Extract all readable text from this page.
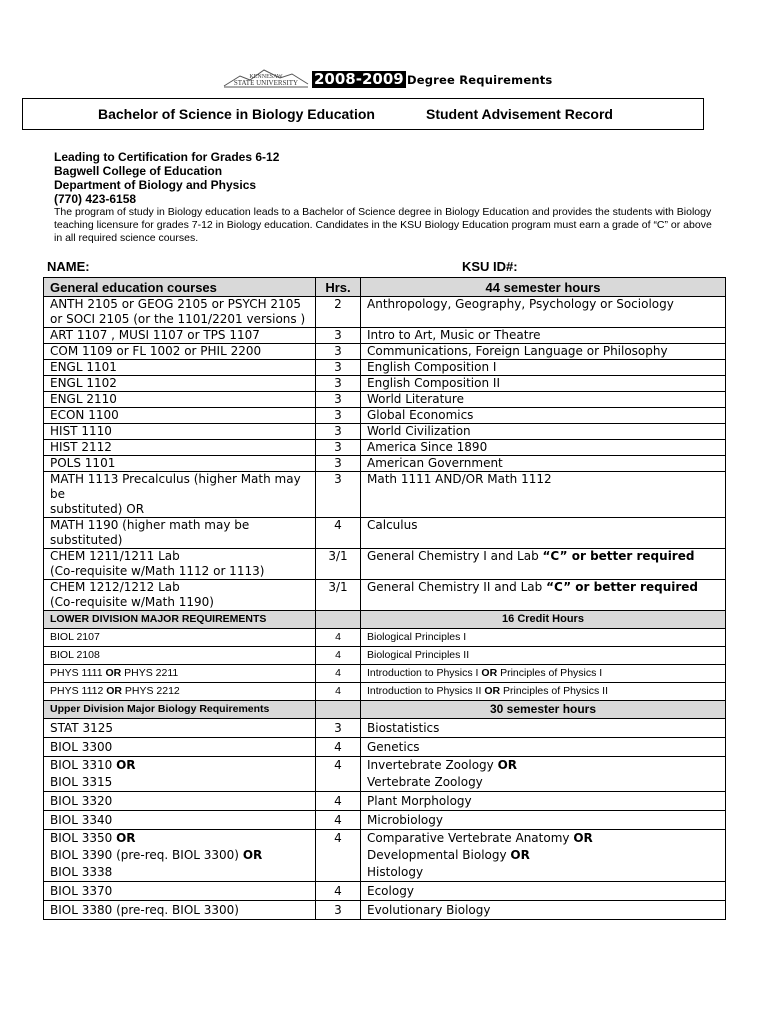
KENNESAW
STATE UNIVERSITY 2008-2009 Degree Requirements
Bachelor of Science in Biology Education	Student Advisement Record
Leading to Certification for Grades 6-12
Bagwell College of Education
Department of Biology and Physics
(770) 423-6158

The program of study in Biology education leads to a Bachelor of Science degree in Biology Education and provides the students with Biology teaching licensure for grades 7-12 in Biology education. Candidates in the KSU Biology Education program must earn a grade of “C” or above in all required science courses.

NAME:	KSU ID#:
General education courses	Hrs.	44 semester hours
ANTH 2105 or GEOG 2105 or PSYCH 2105
or SOCI 2105 (or the 1101/2201 versions )	2	Anthropology, Geography, Psychology or Sociology
ART 1107 , MUSI 1107 or TPS 1107	3	Intro to Art, Music or Theatre
COM 1109 or FL 1002 or PHIL 2200	3	Communications, Foreign Language or Philosophy
ENGL 1101	3	English Composition I
ENGL 1102	3	English Composition II
ENGL 2110	3	World Literature
ECON 1100	3	Global Economics
HIST 1110	3	World Civilization
HIST 2112	3	America Since 1890
POLS 1101	3	American Government
MATH 1113 Precalculus (higher Math may be
substituted) OR	3	Math 1111 AND/OR Math 1112
MATH 1190 (higher math may be substituted)	4	Calculus
CHEM 1211/1211 Lab
(Co-requisite w/Math 1112 or 1113)	3/1	General Chemistry I and Lab “C” or better required
CHEM 1212/1212 Lab
(Co-requisite w/Math 1190)	3/1	General Chemistry II and Lab “C” or better required
LOWER DIVISION MAJOR REQUIREMENTS		16 Credit Hours
BIOL 2107	4	Biological Principles I
BIOL 2108	4	Biological Principles II
PHYS 1111 OR PHYS 2211	4	Introduction to Physics I OR Principles of Physics I
PHYS 1112 OR PHYS 2212	4	Introduction to Physics II OR Principles of Physics II
Upper Division Major Biology Requirements		30 semester hours
STAT 3125	3	Biostatistics
BIOL 3300	4	Genetics
BIOL 3310 OR
BIOL 3315	4	Invertebrate Zoology OR
Vertebrate Zoology
BIOL 3320	4	Plant Morphology
BIOL 3340	4	Microbiology
BIOL 3350 OR
BIOL 3390 (pre-req. BIOL 3300) OR
BIOL 3338	4	Comparative Vertebrate Anatomy OR
Developmental Biology OR
Histology
BIOL 3370	4	Ecology
BIOL 3380 (pre-req. BIOL 3300)	3	Evolutionary Biology
